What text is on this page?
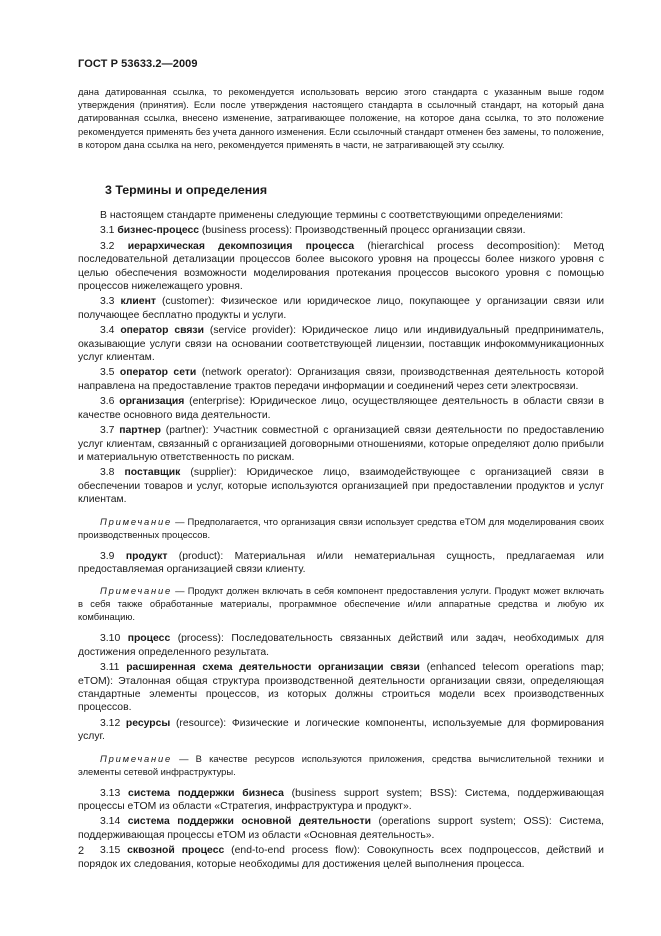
ГОСТ Р 53633.2—2009

дана датированная ссылка, то рекомендуется использовать версию этого стандарта с указанным выше годом утверждения (принятия). Если после утверждения настоящего стандарта в ссылочный стандарт, на который дана датированная ссылка, внесено изменение, затрагивающее положение, на которое дана ссылка, то это положение рекомендуется применять без учета данного изменения. Если ссылочный стандарт отменен без замены, то положение, в котором дана ссылка на него, рекомендуется применять в части, не затрагивающей эту ссылку.

3 Термины и определения

В настоящем стандарте применены следующие термины с соответствующими определениями:

3.1 бизнес-процесс (business process): Производственный процесс организации связи.

3.2 иерархическая декомпозиция процесса (hierarchical process decomposition): Метод последовательной детализации процессов более высокого уровня на процессы более низкого уровня с целью обеспечения возможности моделирования протекания процессов высокого уровня с помощью процессов нижележащего уровня.

3.3 клиент (customer): Физическое или юридическое лицо, покупающее у организации связи или получающее бесплатно продукты и услуги.

3.4 оператор связи (service provider): Юридическое лицо или индивидуальный предприниматель, оказывающие услуги связи на основании соответствующей лицензии, поставщик инфокоммуникационных услуг клиентам.

3.5 оператор сети (network operator): Организация связи, производственная деятельность которой направлена на предоставление трактов передачи информации и соединений через сети электросвязи.

3.6 организация (enterprise): Юридическое лицо, осуществляющее деятельность в области связи в качестве основного вида деятельности.

3.7 партнер (partner): Участник совместной с организацией связи деятельности по предоставлению услуг клиентам, связанный с организацией договорными отношениями, которые определяют долю прибыли и материальную ответственность по рискам.

3.8 поставщик (supplier): Юридическое лицо, взаимодействующее с организацией связи в обеспечении товаров и услуг, которые используются организацией при предоставлении продуктов и услуг клиентам.

Примечание — Предполагается, что организация связи использует средства eTOM для моделирования своих производственных процессов.

3.9 продукт (product): Материальная и/или нематериальная сущность, предлагаемая или предоставляемая организацией связи клиенту.

Примечание — Продукт должен включать в себя компонент предоставления услуги. Продукт может включать в себя также обработанные материалы, программное обеспечение и/или аппаратные средства и любую их комбинацию.

3.10 процесс (process): Последовательность связанных действий или задач, необходимых для достижения определенного результата.

3.11 расширенная схема деятельности организации связи (enhanced telecom operations map; eTOM): Эталонная общая структура производственной деятельности организации связи, определяющая стандартные элементы процессов, из которых должны строиться модели всех производственных процессов.

3.12 ресурсы (resource): Физические и логические компоненты, используемые для формирования услуг.

Примечание — В качестве ресурсов используются приложения, средства вычислительной техники и элементы сетевой инфраструктуры.

3.13 система поддержки бизнеса (business support system; BSS): Система, поддерживающая процессы eTOM из области «Стратегия, инфраструктура и продукт».

3.14 система поддержки основной деятельности (operations support system; OSS): Система, поддерживающая процессы eTOM из области «Основная деятельность».

3.15 сквозной процесс (end-to-end process flow): Совокупность всех подпроцессов, действий и порядок их следования, которые необходимы для достижения целей выполнения процесса.

2
